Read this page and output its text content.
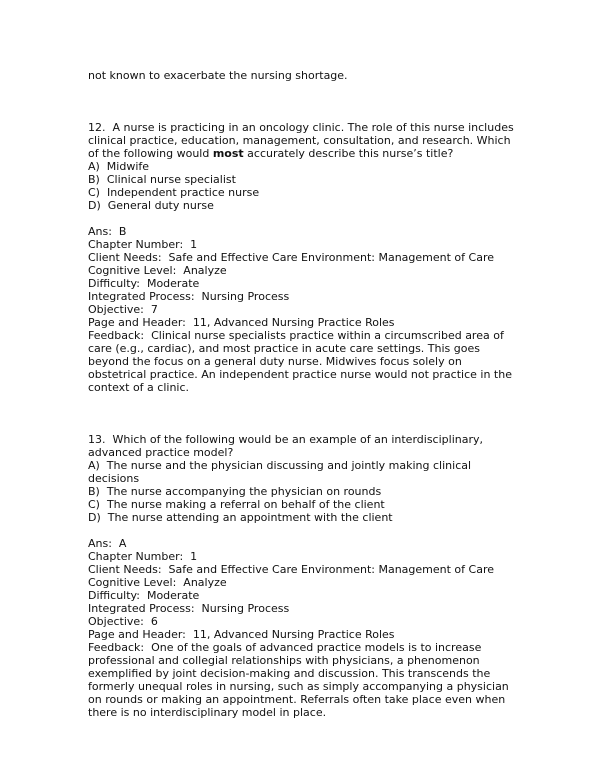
not known to exacerbate the nursing shortage.
12.  A nurse is practicing in an oncology clinic. The role of this nurse includes
clinical practice, education, management, consultation, and research. Which
of the following would most accurately describe this nurse’s title?
A)  Midwife
B)  Clinical nurse specialist
C)  Independent practice nurse
D)  General duty nurse
Ans:  B
Chapter Number:  1
Client Needs:  Safe and Effective Care Environment: Management of Care
Cognitive Level:  Analyze
Difficulty:  Moderate
Integrated Process:  Nursing Process
Objective:  7
Page and Header:  11, Advanced Nursing Practice Roles
Feedback:  Clinical nurse specialists practice within a circumscribed area of
care (e.g., cardiac), and most practice in acute care settings. This goes
beyond the focus on a general duty nurse. Midwives focus solely on
obstetrical practice. An independent practice nurse would not practice in the
context of a clinic.
13.  Which of the following would be an example of an interdisciplinary,
advanced practice model?
A)  The nurse and the physician discussing and jointly making clinical
decisions
B)  The nurse accompanying the physician on rounds
C)  The nurse making a referral on behalf of the client
D)  The nurse attending an appointment with the client
Ans:  A
Chapter Number:  1
Client Needs:  Safe and Effective Care Environment: Management of Care
Cognitive Level:  Analyze
Difficulty:  Moderate
Integrated Process:  Nursing Process
Objective:  6
Page and Header:  11, Advanced Nursing Practice Roles
Feedback:  One of the goals of advanced practice models is to increase
professional and collegial relationships with physicians, a phenomenon
exemplified by joint decision-making and discussion. This transcends the
formerly unequal roles in nursing, such as simply accompanying a physician
on rounds or making an appointment. Referrals often take place even when
there is no interdisciplinary model in place.
